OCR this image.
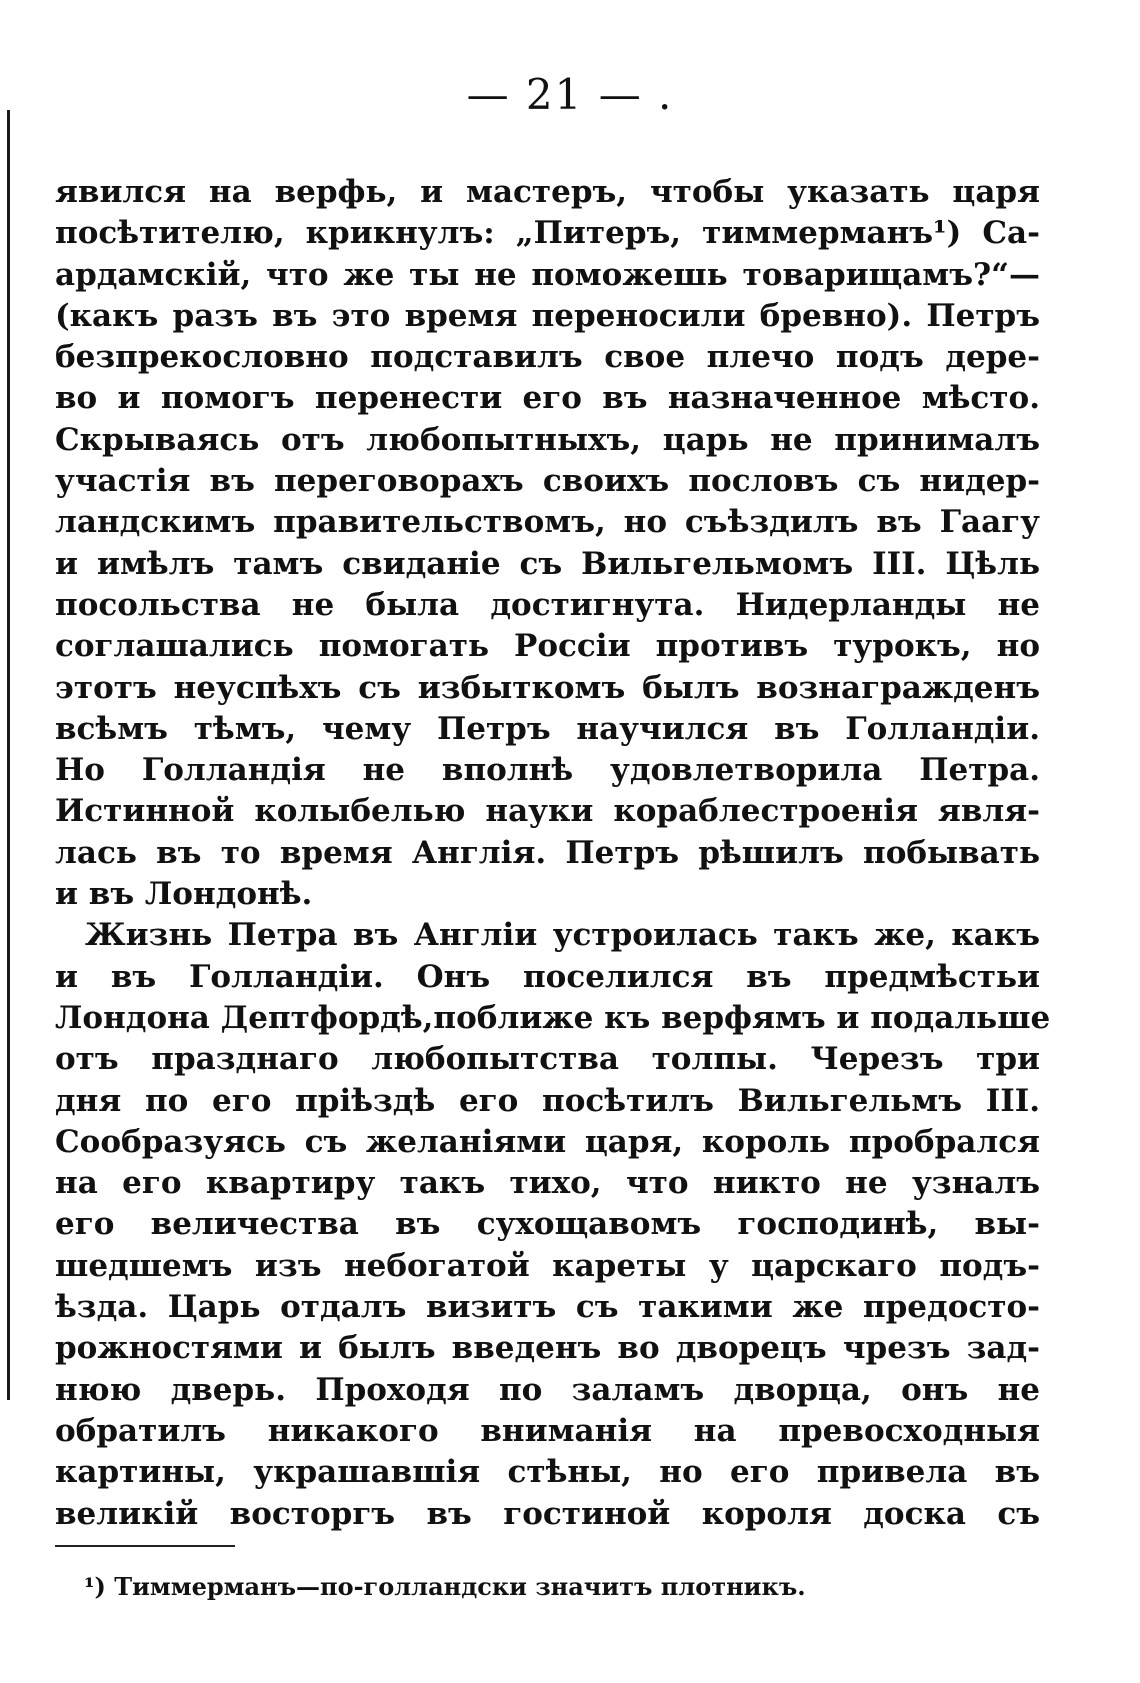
— 21 — .
явился на верфь, и мастеръ, чтобы указать царя
посѣтителю, крикнулъ: „Питеръ, тиммерманъ¹) Са-
ардамскій, что же ты не поможешь товарищамъ?“—
(какъ разъ въ это время переносили бревно). Петръ
безпрекословно подставилъ свое плечо подъ дере-
во и помогъ перенести его въ назначенное мѣсто.
Скрываясь отъ любопытныхъ, царь не принималъ
участія въ переговорахъ своихъ пословъ съ нидер-
ландскимъ правительствомъ, но съѣздилъ въ Гаагу
и имѣлъ тамъ свиданіе съ Вильгельмомъ III. Цѣль
посольства не была достигнута. Нидерланды не
соглашались помогать Россіи противъ турокъ, но
этотъ неуспѣхъ съ избыткомъ былъ вознагражденъ
всѣмъ тѣмъ, чему Петръ научился въ Голландіи.
Но Голландія не вполнѣ удовлетворила Петра.
Истинной колыбелью науки кораблестроенія явля-
лась въ то время Англія. Петръ рѣшилъ побывать
и въ Лондонѣ.
Жизнь Петра въ Англіи устроилась такъ же, какъ
и въ Голландіи. Онъ поселился въ предмѣстьи
Лондона Дептфордѣ,поближе къ верфямъ и подальше
отъ празднаго любопытства толпы. Черезъ три
дня по его пріѣздѣ его посѣтилъ Вильгельмъ III.
Сообразуясь съ желаніями царя, король пробрался
на его квартиру такъ тихо, что никто не узналъ
его величества въ сухощавомъ господинѣ, вы-
шедшемъ изъ небогатой кареты у царскаго подъ-
ѣзда. Царь отдалъ визитъ съ такими же предосто-
рожностями и былъ введенъ во дворецъ чрезъ зад-
нюю дверь. Проходя по заламъ дворца, онъ не
обратилъ никакого вниманія на превосходныя
картины, украшавшія стѣны, но его привела въ
великій восторгъ въ гостиной короля доска съ
¹) Тиммерманъ—по-голландски значитъ плотникъ.
